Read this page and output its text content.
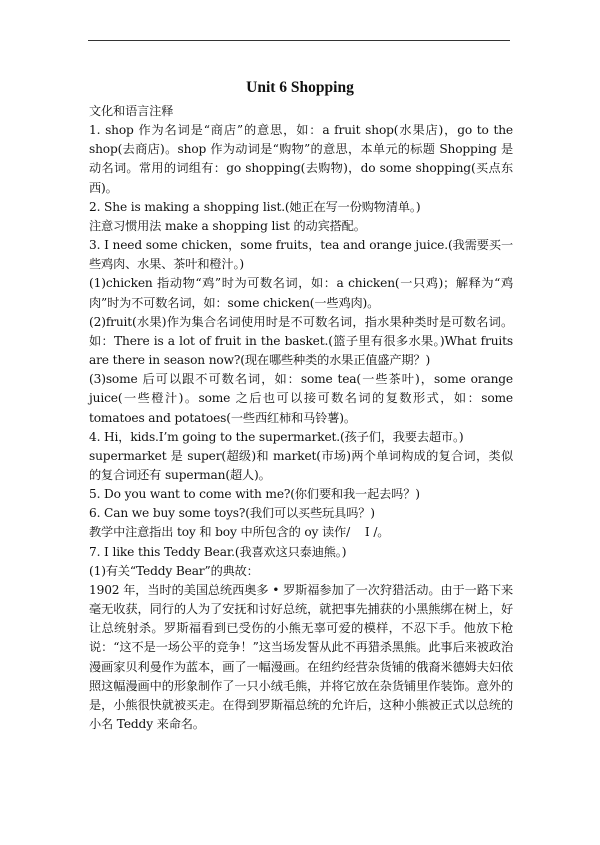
Unit 6 Shopping

文化和语言注释

1. shop 作为名词是“商店”的意思，如：a fruit shop(水果店)，go to the shop(去商店)。shop 作为动词是“购物”的意思，本单元的标题 Shopping 是动名词。常用的词组有：go shopping(去购物)，do some shopping(买点东西)。

2. She is making a shopping list.(她正在写一份购物清单。)

注意习惯用法 make a shopping list 的动宾搭配。

3. I need some chicken，some fruits，tea and orange juice.(我需要买一些鸡肉、水果、茶叶和橙汁。)

(1)chicken 指动物“鸡”时为可数名词，如：a chicken(一只鸡)；解释为“鸡肉”时为不可数名词，如：some chicken(一些鸡肉)。

(2)fruit(水果)作为集合名词使用时是不可数名词，指水果种类时是可数名词。如：There is a lot of fruit in the basket.(篮子里有很多水果。)What fruits are there in season now?(现在哪些种类的水果正值盛产期？)

(3)some 后可以跟不可数名词，如：some tea(一些茶叶)，some orange juice(一些橙汁)。some 之后也可以接可数名词的复数形式，如：some tomatoes and potatoes(一些西红柿和马铃薯)。

4. Hi，kids.I’m going to the supermarket.(孩子们，我要去超市。)

supermarket 是 super(超级)和 market(市场)两个单词构成的复合词，类似的复合词还有 superman(超人)。

5. Do you want to come with me?(你们要和我一起去吗？)

6. Can we buy some toys?(我们可以买些玩具吗？)

教学中注意指出 toy 和 boy 中所包含的 oy 读作/    I /。

7. I like this Teddy Bear.(我喜欢这只泰迪熊。)

(1)有关“Teddy Bear”的典故：

1902 年，当时的美国总统西奥多 • 罗斯福参加了一次狩猎活动。由于一路下来毫无收获，同行的人为了安抚和讨好总统，就把事先捕获的小黑熊绑在树上，好让总统射杀。罗斯福看到已受伤的小熊无辜可爱的模样，不忍下手。他放下枪说：“这不是一场公平的竞争！”这当场发誓从此不再猎杀黑熊。此事后来被政治漫画家贝利曼作为蓝本，画了一幅漫画。在纽约经营杂货铺的俄裔米德姆夫妇依照这幅漫画中的形象制作了一只小绒毛熊，并将它放在杂货铺里作装饰。意外的是，小熊很快就被买走。在得到罗斯福总统的允许后，这种小熊被正式以总统的小名 Teddy 来命名。
